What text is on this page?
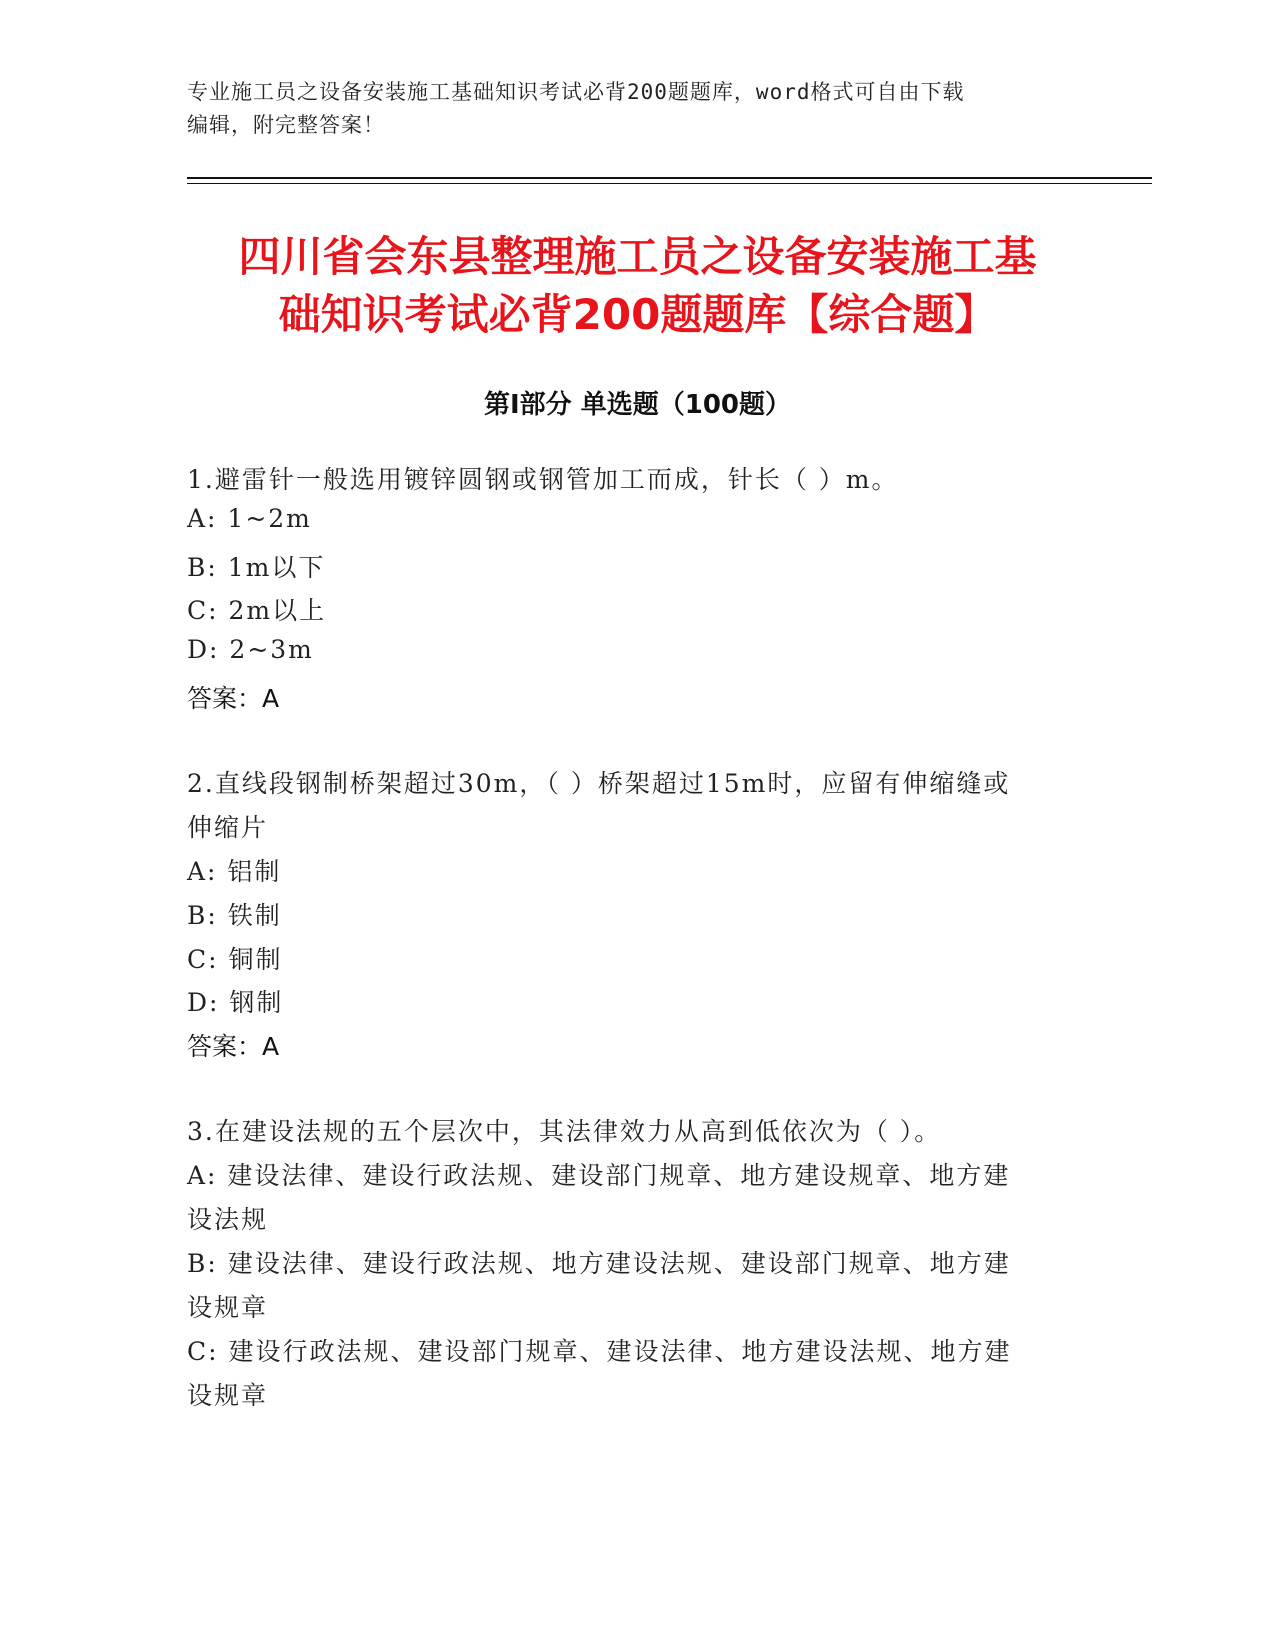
专业施工员之设备安装施工基础知识考试必背200题题库，word格式可自由下载
编辑，附完整答案！
四川省会东县整理施工员之设备安装施工基
础知识考试必背200题题库【综合题】
第Ⅰ部分 单选题（100题）
1.避雷针一般选用镀锌圆钢或钢管加工而成，针长（ ）m。
A: 1~2m
B: 1m以下
C: 2m以上
D: 2~3m
答案：A
2.直线段钢制桥架超过30m，（ ）桥架超过15m时，应留有伸缩缝或
伸缩片
A: 铝制
B: 铁制
C: 铜制
D: 钢制
答案：A
3.在建设法规的五个层次中，其法律效力从高到低依次为（ ）。
A: 建设法律、建设行政法规、建设部门规章、地方建设规章、地方建
设法规
B: 建设法律、建设行政法规、地方建设法规、建设部门规章、地方建
设规章
C: 建设行政法规、建设部门规章、建设法律、地方建设法规、地方建
设规章
